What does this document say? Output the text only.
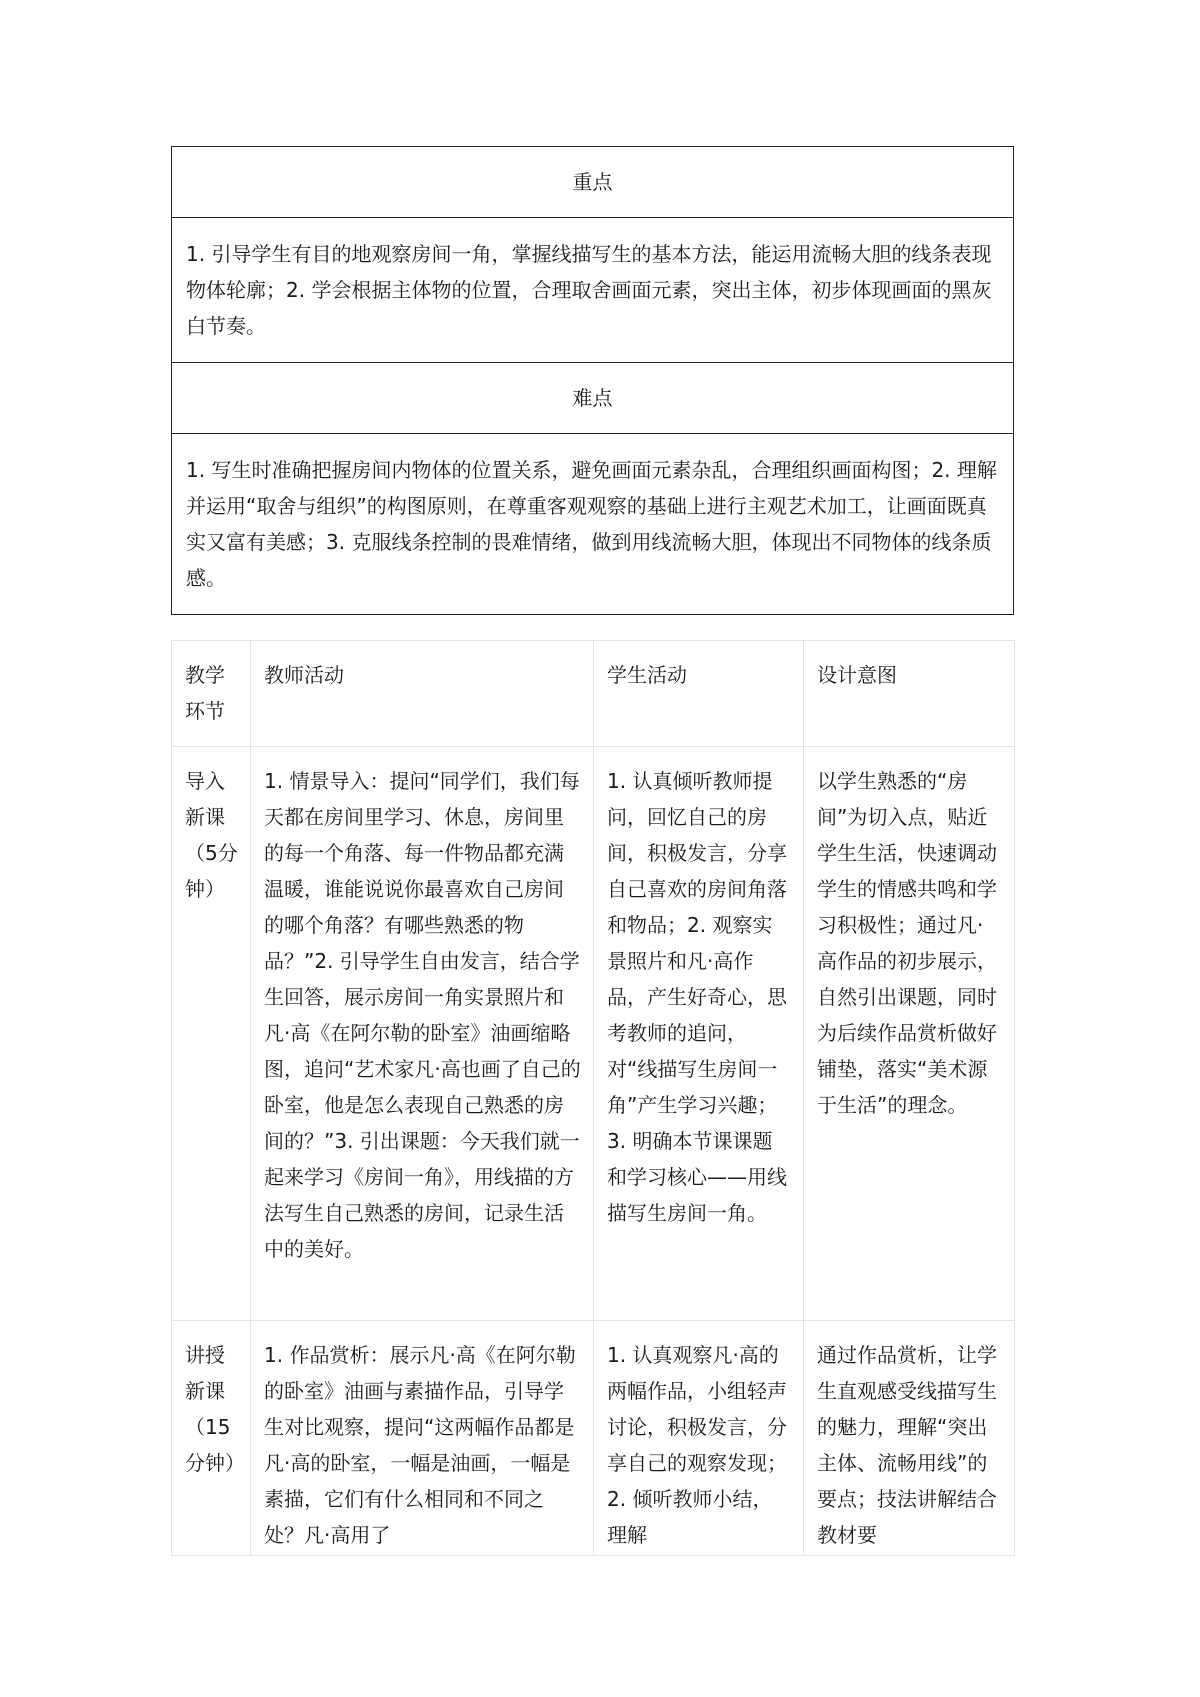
重点
1. 引导学生有目的地观察房间一角，掌握线描写生的基本方法，能运用流畅大胆的线条表现物体轮廓；2. 学会根据主体物的位置，合理取舍画面元素，突出主体，初步体现画面的黑灰白节奏。
难点
1. 写生时准确把握房间内物体的位置关系，避免画面元素杂乱，合理组织画面构图；2. 理解并运用“取舍与组织”的构图原则，在尊重客观观察的基础上进行主观艺术加工，让画面既真实又富有美感；3. 克服线条控制的畏难情绪，做到用线流畅大胆，体现出不同物体的线条质感。
教学环节	教师活动	学生活动	设计意图
导入新课（5分钟）	1. 情景导入：提问“同学们，我们每天都在房间里学习、休息，房间里的每一个角落、每一件物品都充满温暖，谁能说说你最喜欢自己房间的哪个角落？有哪些熟悉的物品？”2. 引导学生自由发言，结合学生回答，展示房间一角实景照片和凡·高《在阿尔勒的卧室》油画缩略图，追问“艺术家凡·高也画了自己的卧室，他是怎么表现自己熟悉的房间的？”3. 引出课题：今天我们就一起来学习《房间一角》，用线描的方法写生自己熟悉的房间，记录生活中的美好。	1. 认真倾听教师提问，回忆自己的房间，积极发言，分享自己喜欢的房间角落和物品；2. 观察实景照片和凡·高作品，产生好奇心，思考教师的追问，对“线描写生房间一角”产生学习兴趣；3. 明确本节课课题和学习核心——用线描写生房间一角。	以学生熟悉的“房间”为切入点，贴近学生生活，快速调动学生的情感共鸣和学习积极性；通过凡·高作品的初步展示，自然引出课题，同时为后续作品赏析做好铺垫，落实“美术源于生活”的理念。

讲授新课（15分钟）	1. 作品赏析：展示凡·高《在阿尔勒的卧室》油画与素描作品，引导学生对比观察，提问“这两幅作品都是凡·高的卧室，一幅是油画，一幅是素描，它们有什么相同和不同之处？凡·高用了	1. 认真观察凡·高的两幅作品，小组轻声讨论，积极发言，分享自己的观察发现；2. 倾听教师小结，理解	通过作品赏析，让学生直观感受线描写生的魅力，理解“突出主体、流畅用线”的要点；技法讲解结合教材要
